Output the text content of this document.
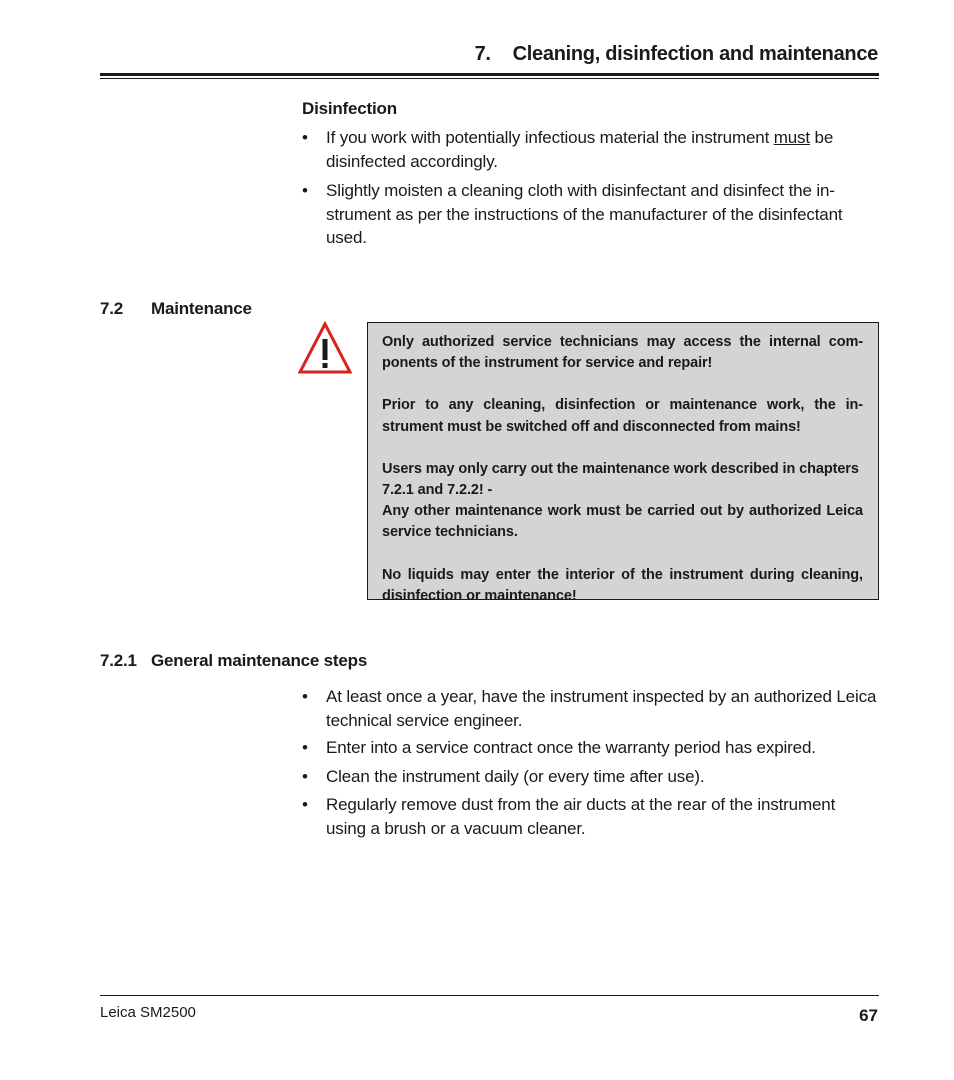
7. Cleaning, disinfection and maintenance
Disinfection
• If you work with potentially infectious material the instrument must be disinfected accordingly.
• Slightly moisten a cleaning cloth with disinfectant and disinfect the in-strument as per the instructions of the manufacturer of the disinfectant used.
7.2 Maintenance

Only authorized service technicians may access the internal com-ponents of the instrument for service and repair!

Prior to any cleaning, disinfection or maintenance work, the in-strument must be switched off and disconnected from mains!

Users may only carry out the maintenance work described in chapters 7.2.1 and 7.2.2! -

Any other maintenance work must be carried out by authorized Leica service technicians.

No liquids may enter the interior of the instrument during cleaning, disinfection or maintenance!

7.2.1 General maintenance steps
• At least once a year, have the instrument inspected by an authorized Leica technical service engineer.
• Enter into a service contract once the warranty period has expired.
• Clean the instrument daily (or every time after use).
• Regularly remove dust from the air ducts at the rear of the instrument using a brush or a vacuum cleaner.
Leica SM2500	67
